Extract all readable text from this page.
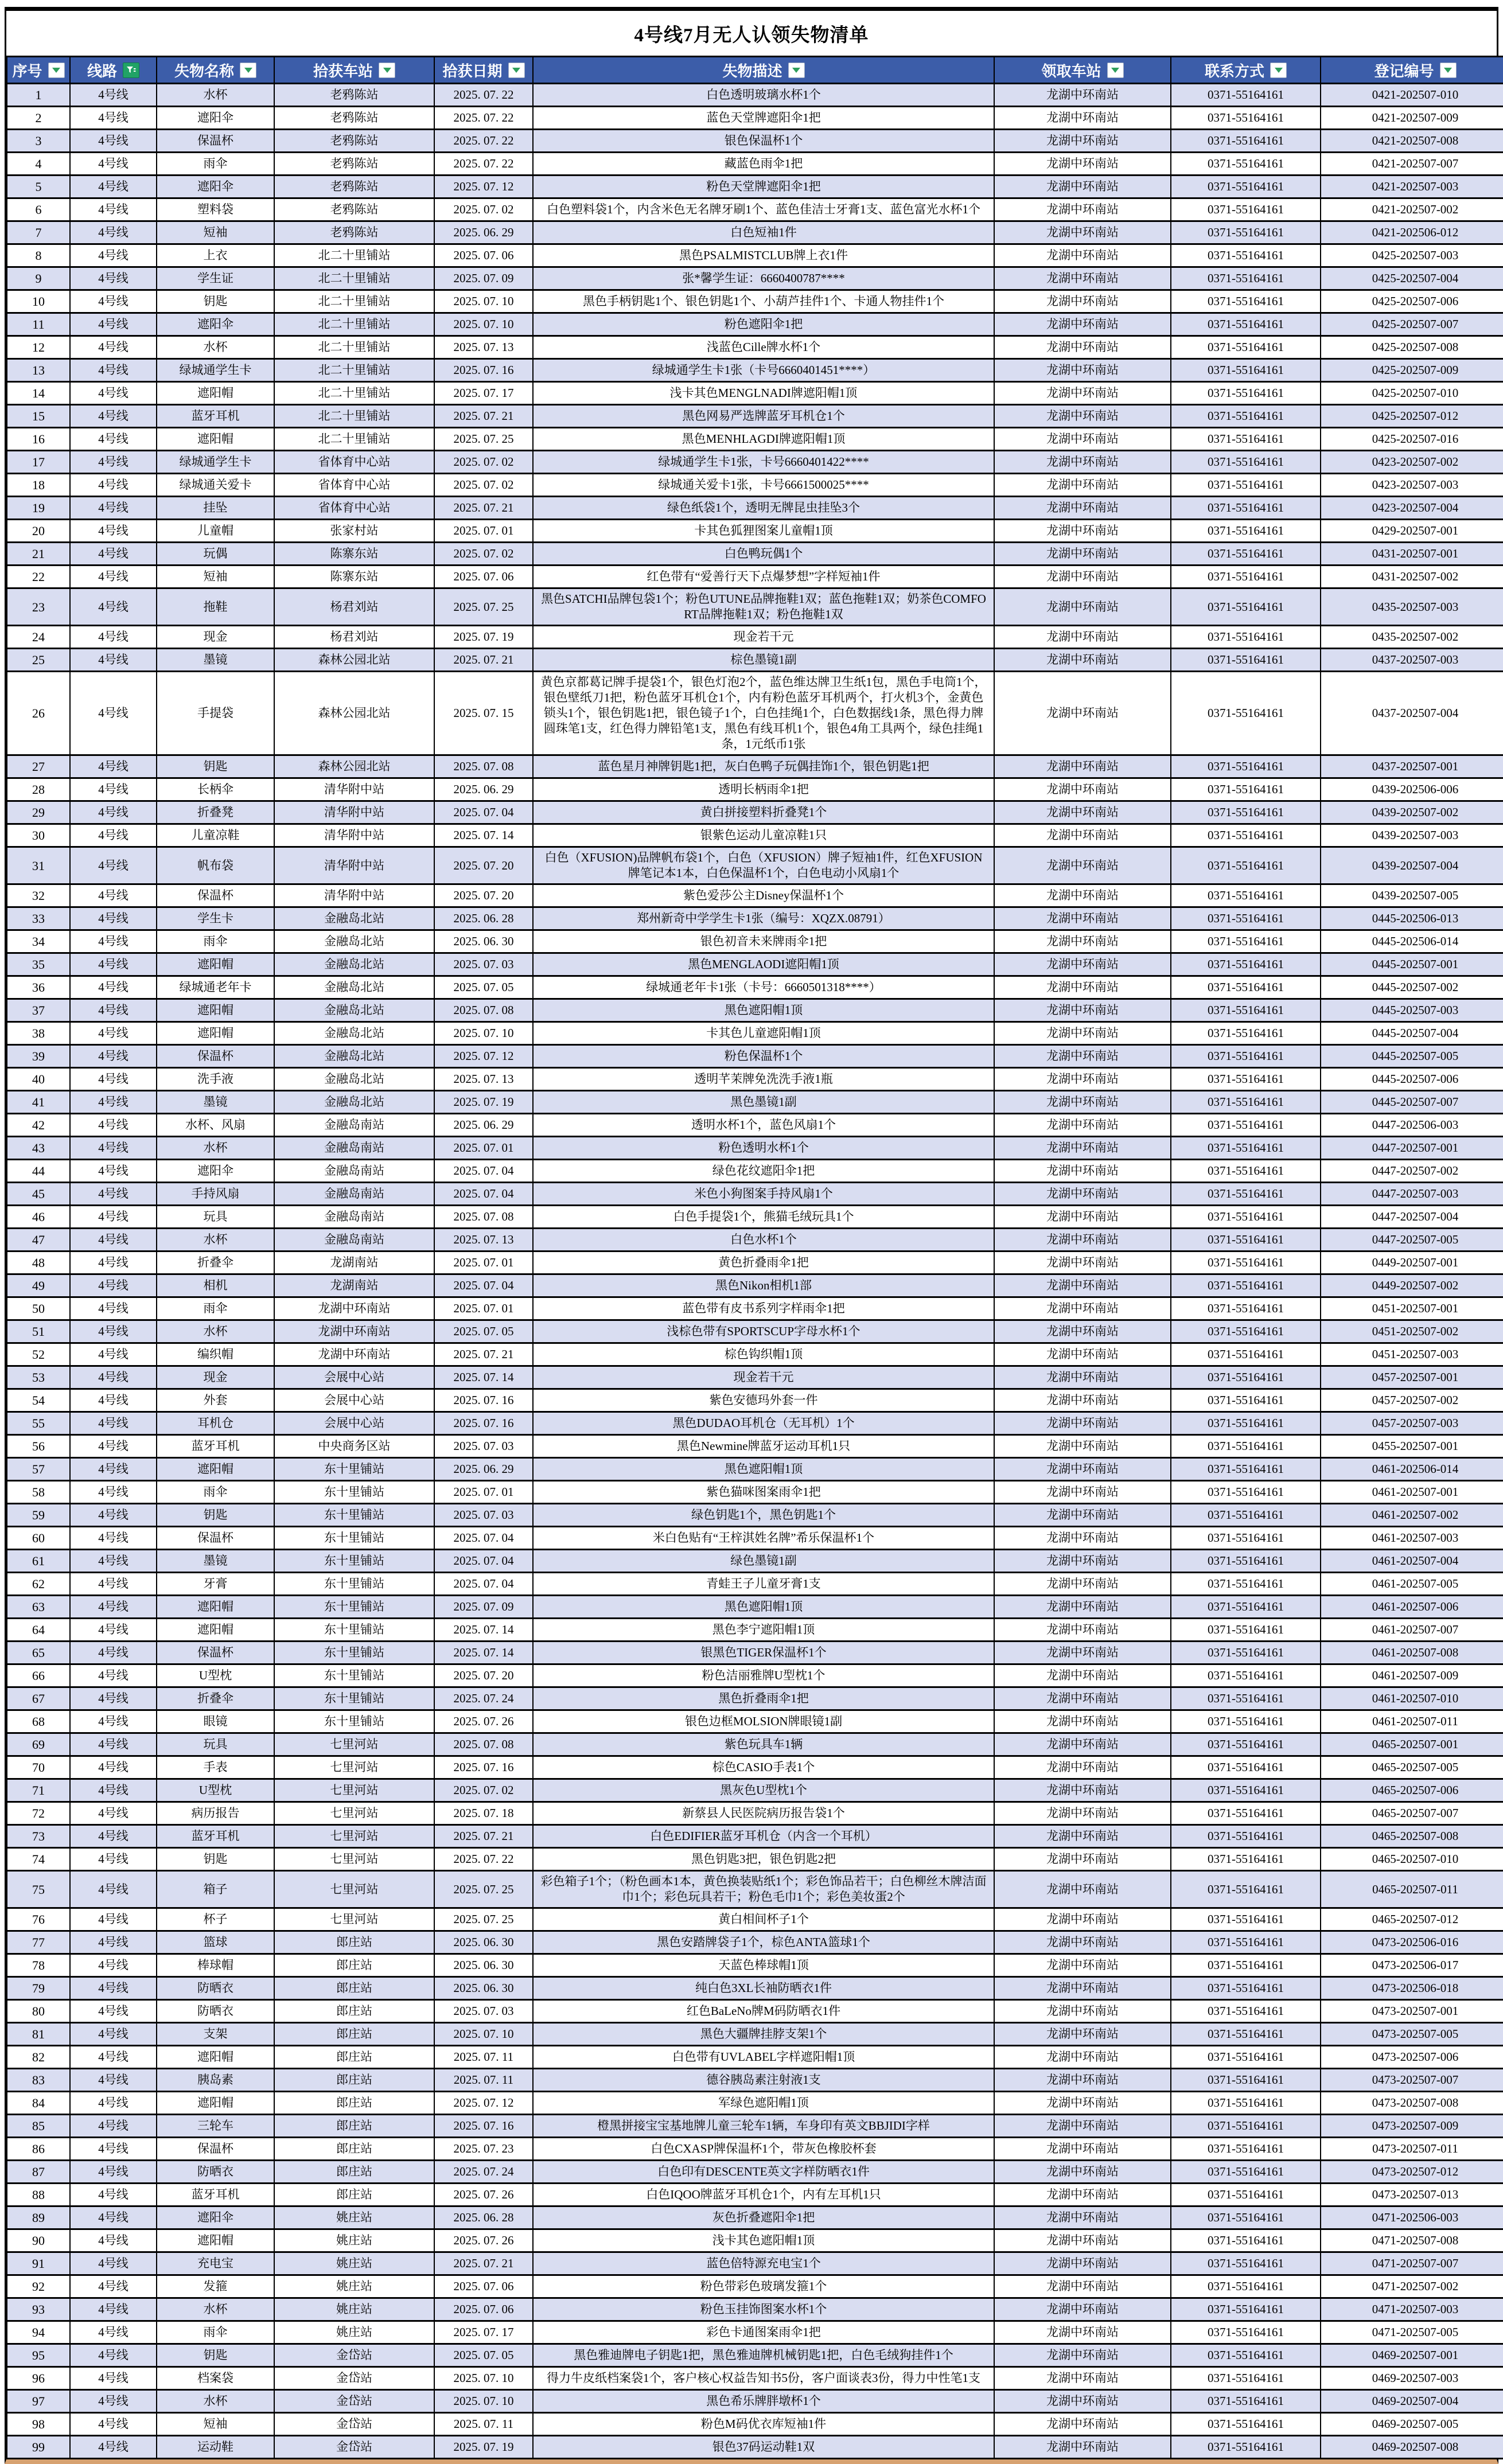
4号线7月无人认领失物清单
序号	线路	失物名称	拾获车站	拾获日期	失物描述	领取车站	联系方式	登记编号

1	4号线	水杯	老鸦陈站	2025. 07. 22	白色透明玻璃水杯1个	龙湖中环南站	0371-55164161	0421-202507-010
2	4号线	遮阳伞	老鸦陈站	2025. 07. 22	蓝色天堂牌遮阳伞1把	龙湖中环南站	0371-55164161	0421-202507-009
3	4号线	保温杯	老鸦陈站	2025. 07. 22	银色保温杯1个	龙湖中环南站	0371-55164161	0421-202507-008
4	4号线	雨伞	老鸦陈站	2025. 07. 22	藏蓝色雨伞1把	龙湖中环南站	0371-55164161	0421-202507-007
5	4号线	遮阳伞	老鸦陈站	2025. 07. 12	粉色天堂牌遮阳伞1把	龙湖中环南站	0371-55164161	0421-202507-003
6	4号线	塑料袋	老鸦陈站	2025. 07. 02	白色塑料袋1个，内含米色无名牌牙刷1个、蓝色佳洁士牙膏1支、蓝色富光水杯1个	龙湖中环南站	0371-55164161	0421-202507-002
7	4号线	短袖	老鸦陈站	2025. 06. 29	白色短袖1件	龙湖中环南站	0371-55164161	0421-202506-012
8	4号线	上衣	北二十里铺站	2025. 07. 06	黑色PSALMISTCLUB牌上衣1件	龙湖中环南站	0371-55164161	0425-202507-003
9	4号线	学生证	北二十里铺站	2025. 07. 09	张*馨学生证：6660400787****	龙湖中环南站	0371-55164161	0425-202507-004
10	4号线	钥匙	北二十里铺站	2025. 07. 10	黑色手柄钥匙1个、银色钥匙1个、小葫芦挂件1个、卡通人物挂件1个	龙湖中环南站	0371-55164161	0425-202507-006
11	4号线	遮阳伞	北二十里铺站	2025. 07. 10	粉色遮阳伞1把	龙湖中环南站	0371-55164161	0425-202507-007
12	4号线	水杯	北二十里铺站	2025. 07. 13	浅蓝色Cille牌水杯1个	龙湖中环南站	0371-55164161	0425-202507-008
13	4号线	绿城通学生卡	北二十里铺站	2025. 07. 16	绿城通学生卡1张（卡号6660401451****）	龙湖中环南站	0371-55164161	0425-202507-009
14	4号线	遮阳帽	北二十里铺站	2025. 07. 17	浅卡其色MENGLNADI牌遮阳帽1顶	龙湖中环南站	0371-55164161	0425-202507-010
15	4号线	蓝牙耳机	北二十里铺站	2025. 07. 21	黑色网易严选牌蓝牙耳机仓1个	龙湖中环南站	0371-55164161	0425-202507-012
16	4号线	遮阳帽	北二十里铺站	2025. 07. 25	黑色MENHLAGDI牌遮阳帽1顶	龙湖中环南站	0371-55164161	0425-202507-016
17	4号线	绿城通学生卡	省体育中心站	2025. 07. 02	绿城通学生卡1张，卡号6660401422****	龙湖中环南站	0371-55164161	0423-202507-002
18	4号线	绿城通关爱卡	省体育中心站	2025. 07. 02	绿城通关爱卡1张，卡号6661500025****	龙湖中环南站	0371-55164161	0423-202507-003
19	4号线	挂坠	省体育中心站	2025. 07. 21	绿色纸袋1个，透明无牌昆虫挂坠3个	龙湖中环南站	0371-55164161	0423-202507-004
20	4号线	儿童帽	张家村站	2025. 07. 01	卡其色狐狸图案儿童帽1顶	龙湖中环南站	0371-55164161	0429-202507-001
21	4号线	玩偶	陈寨东站	2025. 07. 02	白色鸭玩偶1个	龙湖中环南站	0371-55164161	0431-202507-001
22	4号线	短袖	陈寨东站	2025. 07. 06	红色带有“爱善行天下点爆梦想”字样短袖1件	龙湖中环南站	0371-55164161	0431-202507-002
23	4号线	拖鞋	杨君刘站	2025. 07. 25	黑色SATCHI品牌包袋1个；粉色UTUNE品牌拖鞋1双；蓝色拖鞋1双；奶茶色COMFORT品牌拖鞋1双；粉色拖鞋1双	龙湖中环南站	0371-55164161	0435-202507-003
24	4号线	现金	杨君刘站	2025. 07. 19	现金若干元	龙湖中环南站	0371-55164161	0435-202507-002
25	4号线	墨镜	森林公园北站	2025. 07. 21	棕色墨镜1副	龙湖中环南站	0371-55164161	0437-202507-003
26	4号线	手提袋	森林公园北站	2025. 07. 15	黄色京都葛记牌手提袋1个，银色灯泡2个，蓝色维达牌卫生纸1包，黑色手电筒1个，银色壁纸刀1把，粉色蓝牙耳机仓1个，内有粉色蓝牙耳机两个，打火机3个，金黄色锁头1个，银色钥匙1把，银色镜子1个，白色挂绳1个，白色数据线1条，黑色得力牌圆珠笔1支，红色得力牌铅笔1支，黑色有线耳机1个，银色4角工具两个，绿色挂绳1条，1元纸币1张	龙湖中环南站	0371-55164161	0437-202507-004
27	4号线	钥匙	森林公园北站	2025. 07. 08	蓝色星月神牌钥匙1把，灰白色鸭子玩偶挂饰1个，银色钥匙1把	龙湖中环南站	0371-55164161	0437-202507-001
28	4号线	长柄伞	清华附中站	2025. 06. 29	透明长柄雨伞1把	龙湖中环南站	0371-55164161	0439-202506-006
29	4号线	折叠凳	清华附中站	2025. 07. 04	黄白拼接塑料折叠凳1个	龙湖中环南站	0371-55164161	0439-202507-002
30	4号线	儿童凉鞋	清华附中站	2025. 07. 14	银紫色运动儿童凉鞋1只	龙湖中环南站	0371-55164161	0439-202507-003
31	4号线	帆布袋	清华附中站	2025. 07. 20	白色（XFUSION)品牌帆布袋1个，白色（XFUSION）牌子短袖1件，红色XFUSION牌笔记本1本，白色保温杯1个，白色电动小风扇1个	龙湖中环南站	0371-55164161	0439-202507-004
32	4号线	保温杯	清华附中站	2025. 07. 20	紫色爱莎公主Disney保温杯1个	龙湖中环南站	0371-55164161	0439-202507-005
33	4号线	学生卡	金融岛北站	2025. 06. 28	郑州新奇中学学生卡1张（编号：XQZX.08791）	龙湖中环南站	0371-55164161	0445-202506-013
34	4号线	雨伞	金融岛北站	2025. 06. 30	银色初音未来牌雨伞1把	龙湖中环南站	0371-55164161	0445-202506-014
35	4号线	遮阳帽	金融岛北站	2025. 07. 03	黑色MENGLAODI遮阳帽1顶	龙湖中环南站	0371-55164161	0445-202507-001
36	4号线	绿城通老年卡	金融岛北站	2025. 07. 05	绿城通老年卡1张（卡号：6660501318****）	龙湖中环南站	0371-55164161	0445-202507-002
37	4号线	遮阳帽	金融岛北站	2025. 07. 08	黑色遮阳帽1顶	龙湖中环南站	0371-55164161	0445-202507-003
38	4号线	遮阳帽	金融岛北站	2025. 07. 10	卡其色儿童遮阳帽1顶	龙湖中环南站	0371-55164161	0445-202507-004
39	4号线	保温杯	金融岛北站	2025. 07. 12	粉色保温杯1个	龙湖中环南站	0371-55164161	0445-202507-005
40	4号线	洗手液	金融岛北站	2025. 07. 13	透明芊茉牌免洗洗手液1瓶	龙湖中环南站	0371-55164161	0445-202507-006
41	4号线	墨镜	金融岛北站	2025. 07. 19	黑色墨镜1副	龙湖中环南站	0371-55164161	0445-202507-007
42	4号线	水杯、风扇	金融岛南站	2025. 06. 29	透明水杯1个，蓝色风扇1个	龙湖中环南站	0371-55164161	0447-202506-003
43	4号线	水杯	金融岛南站	2025. 07. 01	粉色透明水杯1个	龙湖中环南站	0371-55164161	0447-202507-001
44	4号线	遮阳伞	金融岛南站	2025. 07. 04	绿色花纹遮阳伞1把	龙湖中环南站	0371-55164161	0447-202507-002
45	4号线	手持风扇	金融岛南站	2025. 07. 04	米色小狗图案手持风扇1个	龙湖中环南站	0371-55164161	0447-202507-003
46	4号线	玩具	金融岛南站	2025. 07. 08	白色手提袋1个，熊猫毛绒玩具1个	龙湖中环南站	0371-55164161	0447-202507-004
47	4号线	水杯	金融岛南站	2025. 07. 13	白色水杯1个	龙湖中环南站	0371-55164161	0447-202507-005
48	4号线	折叠伞	龙湖南站	2025. 07. 01	黄色折叠雨伞1把	龙湖中环南站	0371-55164161	0449-202507-001
49	4号线	相机	龙湖南站	2025. 07. 04	黑色Nikon相机1部	龙湖中环南站	0371-55164161	0449-202507-002
50	4号线	雨伞	龙湖中环南站	2025. 07. 01	蓝色带有皮书系列字样雨伞1把	龙湖中环南站	0371-55164161	0451-202507-001
51	4号线	水杯	龙湖中环南站	2025. 07. 05	浅棕色带有SPORTSCUP字母水杯1个	龙湖中环南站	0371-55164161	0451-202507-002
52	4号线	编织帽	龙湖中环南站	2025. 07. 21	棕色钩织帽1顶	龙湖中环南站	0371-55164161	0451-202507-003
53	4号线	现金	会展中心站	2025. 07. 14	现金若干元	龙湖中环南站	0371-55164161	0457-202507-001
54	4号线	外套	会展中心站	2025. 07. 16	紫色安德玛外套一件	龙湖中环南站	0371-55164161	0457-202507-002
55	4号线	耳机仓	会展中心站	2025. 07. 16	黑色DUDAO耳机仓（无耳机）1个	龙湖中环南站	0371-55164161	0457-202507-003
56	4号线	蓝牙耳机	中央商务区站	2025. 07. 03	黑色Newmine牌蓝牙运动耳机1只	龙湖中环南站	0371-55164161	0455-202507-001
57	4号线	遮阳帽	东十里铺站	2025. 06. 29	黑色遮阳帽1顶	龙湖中环南站	0371-55164161	0461-202506-014
58	4号线	雨伞	东十里铺站	2025. 07. 01	紫色猫咪图案雨伞1把	龙湖中环南站	0371-55164161	0461-202507-001
59	4号线	钥匙	东十里铺站	2025. 07. 03	绿色钥匙1个，黑色钥匙1个	龙湖中环南站	0371-55164161	0461-202507-002
60	4号线	保温杯	东十里铺站	2025. 07. 04	米白色贴有“王梓淇姓名牌”希乐保温杯1个	龙湖中环南站	0371-55164161	0461-202507-003
61	4号线	墨镜	东十里铺站	2025. 07. 04	绿色墨镜1副	龙湖中环南站	0371-55164161	0461-202507-004
62	4号线	牙膏	东十里铺站	2025. 07. 04	青蛙王子儿童牙膏1支	龙湖中环南站	0371-55164161	0461-202507-005
63	4号线	遮阳帽	东十里铺站	2025. 07. 09	黑色遮阳帽1顶	龙湖中环南站	0371-55164161	0461-202507-006
64	4号线	遮阳帽	东十里铺站	2025. 07. 14	黑色李宁遮阳帽1顶	龙湖中环南站	0371-55164161	0461-202507-007
65	4号线	保温杯	东十里铺站	2025. 07. 14	银黑色TIGER保温杯1个	龙湖中环南站	0371-55164161	0461-202507-008
66	4号线	U型枕	东十里铺站	2025. 07. 20	粉色洁丽雅牌U型枕1个	龙湖中环南站	0371-55164161	0461-202507-009
67	4号线	折叠伞	东十里铺站	2025. 07. 24	黑色折叠雨伞1把	龙湖中环南站	0371-55164161	0461-202507-010
68	4号线	眼镜	东十里铺站	2025. 07. 26	银色边框MOLSION牌眼镜1副	龙湖中环南站	0371-55164161	0461-202507-011
69	4号线	玩具	七里河站	2025. 07. 08	紫色玩具车1辆	龙湖中环南站	0371-55164161	0465-202507-001
70	4号线	手表	七里河站	2025. 07. 16	棕色CASIO手表1个	龙湖中环南站	0371-55164161	0465-202507-005
71	4号线	U型枕	七里河站	2025. 07. 02	黑灰色U型枕1个	龙湖中环南站	0371-55164161	0465-202507-006
72	4号线	病历报告	七里河站	2025. 07. 18	新蔡县人民医院病历报告袋1个	龙湖中环南站	0371-55164161	0465-202507-007
73	4号线	蓝牙耳机	七里河站	2025. 07. 21	白色EDIFIER蓝牙耳机仓（内含一个耳机）	龙湖中环南站	0371-55164161	0465-202507-008
74	4号线	钥匙	七里河站	2025. 07. 22	黑色钥匙3把，银色钥匙2把	龙湖中环南站	0371-55164161	0465-202507-010
75	4号线	箱子	七里河站	2025. 07. 25	彩色箱子1个；（粉色画本1本，黄色换装贴纸1个；彩色饰品若干；白色柳丝木牌洁面巾1个；彩色玩具若干；粉色毛巾1个；彩色美妆蛋2个	龙湖中环南站	0371-55164161	0465-202507-011
76	4号线	杯子	七里河站	2025. 07. 25	黄白相间杯子1个	龙湖中环南站	0371-55164161	0465-202507-012
77	4号线	篮球	郎庄站	2025. 06. 30	黑色安踏牌袋子1个，棕色ANTA篮球1个	龙湖中环南站	0371-55164161	0473-202506-016
78	4号线	棒球帽	郎庄站	2025. 06. 30	天蓝色棒球帽1顶	龙湖中环南站	0371-55164161	0473-202506-017
79	4号线	防晒衣	郎庄站	2025. 06. 30	纯白色3XL长袖防晒衣1件	龙湖中环南站	0371-55164161	0473-202506-018
80	4号线	防晒衣	郎庄站	2025. 07. 03	红色BaLeNo牌M码防晒衣1件	龙湖中环南站	0371-55164161	0473-202507-001
81	4号线	支架	郎庄站	2025. 07. 10	黑色大疆牌挂脖支架1个	龙湖中环南站	0371-55164161	0473-202507-005
82	4号线	遮阳帽	郎庄站	2025. 07. 11	白色带有UVLABEL字样遮阳帽1顶	龙湖中环南站	0371-55164161	0473-202507-006
83	4号线	胰岛素	郎庄站	2025. 07. 11	德谷胰岛素注射液1支	龙湖中环南站	0371-55164161	0473-202507-007
84	4号线	遮阳帽	郎庄站	2025. 07. 12	军绿色遮阳帽1顶	龙湖中环南站	0371-55164161	0473-202507-008
85	4号线	三轮车	郎庄站	2025. 07. 16	橙黑拼接宝宝基地牌儿童三轮车1辆，车身印有英文BBJIDI字样	龙湖中环南站	0371-55164161	0473-202507-009
86	4号线	保温杯	郎庄站	2025. 07. 23	白色CXASP牌保温杯1个，带灰色橡胶杯套	龙湖中环南站	0371-55164161	0473-202507-011
87	4号线	防晒衣	郎庄站	2025. 07. 24	白色印有DESCENTE英文字样防晒衣1件	龙湖中环南站	0371-55164161	0473-202507-012
88	4号线	蓝牙耳机	郎庄站	2025. 07. 26	白色IQOO牌蓝牙耳机仓1个，内有左耳机1只	龙湖中环南站	0371-55164161	0473-202507-013
89	4号线	遮阳伞	姚庄站	2025. 06. 28	灰色折叠遮阳伞1把	龙湖中环南站	0371-55164161	0471-202506-003
90	4号线	遮阳帽	姚庄站	2025. 07. 26	浅卡其色遮阳帽1顶	龙湖中环南站	0371-55164161	0471-202507-008
91	4号线	充电宝	姚庄站	2025. 07. 21	蓝色倍特源充电宝1个	龙湖中环南站	0371-55164161	0471-202507-007
92	4号线	发箍	姚庄站	2025. 07. 06	粉色带彩色玻璃发箍1个	龙湖中环南站	0371-55164161	0471-202507-002
93	4号线	水杯	姚庄站	2025. 07. 06	粉色玉挂饰图案水杯1个	龙湖中环南站	0371-55164161	0471-202507-003
94	4号线	雨伞	姚庄站	2025. 07. 17	彩色卡通图案雨伞1把	龙湖中环南站	0371-55164161	0471-202507-005
95	4号线	钥匙	金岱站	2025. 07. 05	黑色雅迪牌电子钥匙1把，黑色雅迪牌机械钥匙1把，白色毛绒狗挂件1个	龙湖中环南站	0371-55164161	0469-202507-001
96	4号线	档案袋	金岱站	2025. 07. 10	得力牛皮纸档案袋1个，客户核心权益告知书5份，客户面谈表3份，得力中性笔1支	龙湖中环南站	0371-55164161	0469-202507-003
97	4号线	水杯	金岱站	2025. 07. 10	黑色希乐牌胖墩杯1个	龙湖中环南站	0371-55164161	0469-202507-004
98	4号线	短袖	金岱站	2025. 07. 11	粉色M码优衣库短袖1件	龙湖中环南站	0371-55164161	0469-202507-005
99	4号线	运动鞋	金岱站	2025. 07. 19	银色37码运动鞋1双	龙湖中环南站	0371-55164161	0469-202507-008
